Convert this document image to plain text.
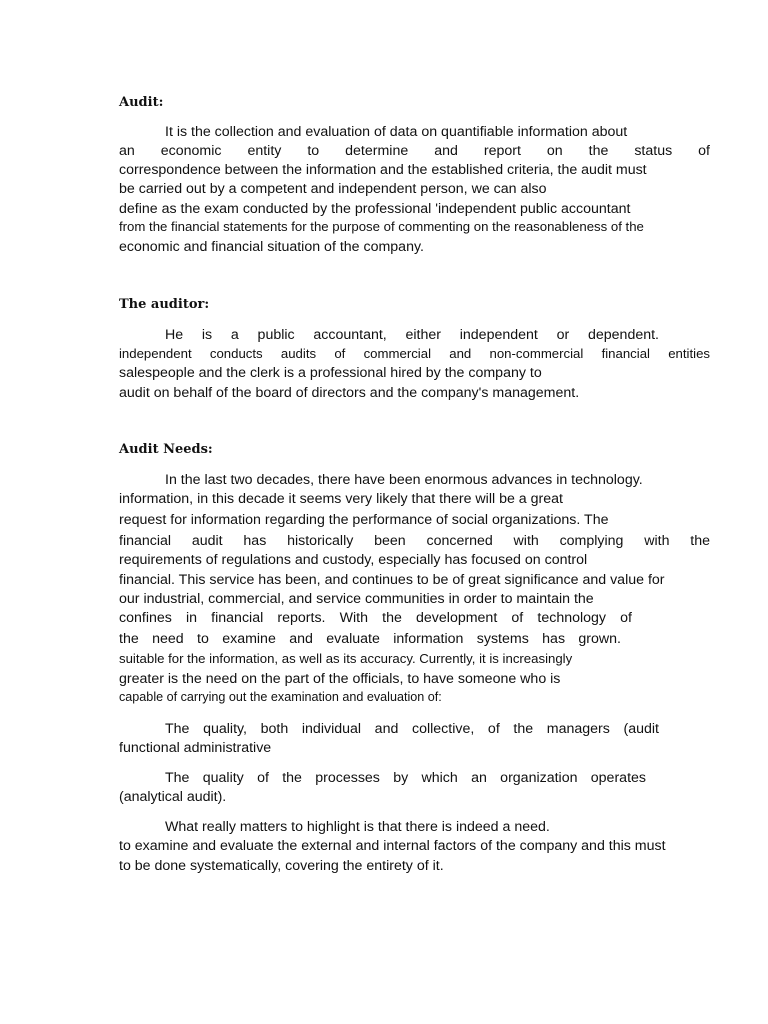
Audit:
It is the collection and evaluation of data on quantifiable information about
an economic entity to determine and report on the status of
correspondence between the information and the established criteria, the audit must
be carried out by a competent and independent person, we can also
define as the exam conducted by the professional 'independent public accountant
from the financial statements for the purpose of commenting on the reasonableness of the
economic and financial situation of the company.
The auditor:
He is a public accountant, either independent or dependent.
independent conducts audits of commercial and non-commercial financial entities
salespeople and the clerk is a professional hired by the company to
audit on behalf of the board of directors and the company's management.
Audit Needs:
In the last two decades, there have been enormous advances in technology.
information, in this decade it seems very likely that there will be a great
request for information regarding the performance of social organizations. The
financial audit has historically been concerned with complying with the
requirements of regulations and custody, especially has focused on control
financial. This service has been, and continues to be of great significance and value for
our industrial, commercial, and service communities in order to maintain the
confines in financial reports. With the development of technology of
the need to examine and evaluate information systems has grown.
suitable for the information, as well as its accuracy. Currently, it is increasingly
greater is the need on the part of the officials, to have someone who is
capable of carrying out the examination and evaluation of:
The quality, both individual and collective, of the managers (audit
functional administrative
The quality of the processes by which an organization operates
(analytical audit).
What really matters to highlight is that there is indeed a need.
to examine and evaluate the external and internal factors of the company and this must
to be done systematically, covering the entirety of it.
